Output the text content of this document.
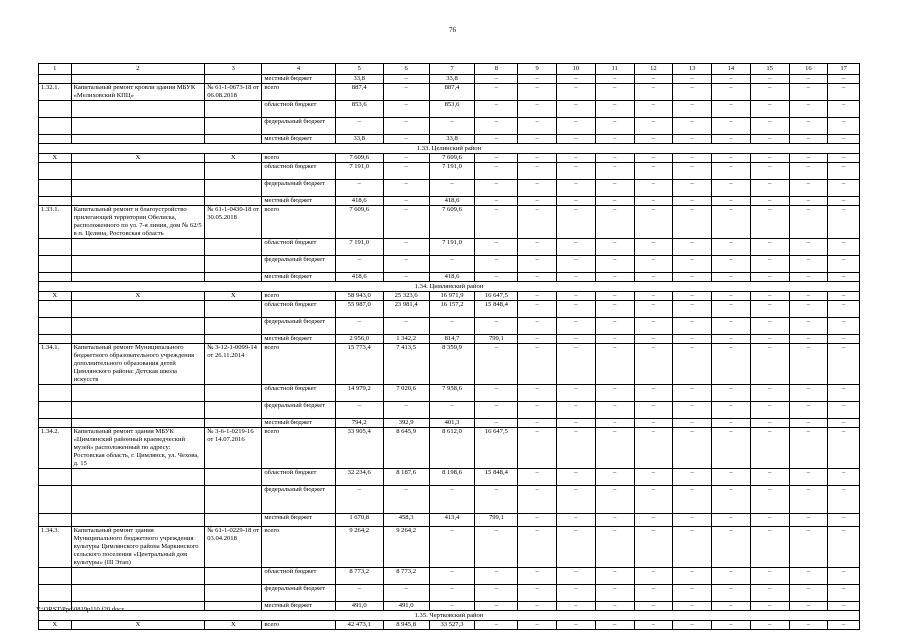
76
1	2	3	4	5	6	7	8	9	10	11	12	13	14	15	16	17
			местный бюджет	33,8	–	33,8	–	–	–	–	–	–	–	–	–	–
1.32.1.	Капитальный ремонт кровли здания МБУК «Мелиховский КПЦ»	№ 61-1-0673-18 от 06.08.2018	всего	887,4	–	887,4	–	–	–	–	–	–	–	–	–	–
			областной бюджет	853,6	–	853,6	–	–	–	–	–	–	–	–	–	–
			федеральный бюджет	–	–	–	–	–	–	–	–	–	–	–	–	–
			местный бюджет	33,8	–	33,8	–	–	–	–	–	–	–	–	–	–
1.33. Целинский район																
Х	Х	Х	всего	7 609,6	–	7 609,6	–	–	–	–	–	–	–	–	–	–
			областной бюджет	7 191,0	–	7 191,0	–	–	–	–	–	–	–	–	–	–
			федеральный бюджет	–	–	–	–	–	–	–	–	–	–	–	–	–
			местный бюджет	418,6	–	418,6	–	–	–	–	–	–	–	–	–	–
1.33.1.	Капитальный ремонт и благоустройство прилегающей территории Обелиска, расположенного по ул. 7-я линия, дом № 62/5 в п. Целина, Ростовская область	№ 61-1-0430-18 от 30.05.2018	всего	7 609,6	–	7 609,6	–	–	–	–	–	–	–	–	–	–
			областной бюджет	7 191,0	–	7 191,0	–	–	–	–	–	–	–	–	–	–
			федеральный бюджет	–	–	–	–	–	–	–	–	–	–	–	–	–
			местный бюджет	418,6	–	418,6	–	–	–	–	–	–	–	–	–	–
1.34. Цимлянский район																
Х	Х	Х	всего	58 943,0	25 323,6	16 971,9	16 647,5	–	–	–	–	–	–	–	–	–
			областной бюджет	55 987,0	23 981,4	16 157,2	15 848,4	–	–	–	–	–	–	–	–	–
			федеральный бюджет	–	–	–	–	–	–	–	–	–	–	–	–	–
			местный бюджет	2 956,0	1 342,2	814,7	799,1	–	–	–	–	–	–	–	–	–
1.34.1.	Капитальный ремонт Муниципального бюджетного образовательного учреждения дополнительного образования детей Цимлянского района: Детская школа искусств	№ 3-12-1-0099-14 от 26.11.2014	всего	15 773,4	7 413,5	8 359,9	–	–	–	–	–	–	–	–	–	–
			областной бюджет	14 979,2	7 020,6	7 958,6	–	–	–	–	–	–	–	–	–	–
			федеральный бюджет	–	–	–	–	–	–	–	–	–	–	–	–	–
			местный бюджет	794,2	392,9	401,3	–	–	–	–	–	–	–	–	–	–
1.34.2.	Капитальный ремонт здания МБУК «Цимлянский районный краеведческий музей» расположенный по адресу: Ростовская область, г. Цимлянск, ул. Чехова, д. 15	№ 3-6-1-0219-16 от 14.07.2016	всего	33 905,4	8 645,9	8 612,0	16 647,5	–	–	–	–	–	–	–	–	–
			областной бюджет	32 234,6	8 187,6	8 198,6	15 848,4	–	–	–	–	–	–	–	–	–
			федеральный бюджет	–	–	–	–	–	–	–	–	–	–	–	–	–
			местный бюджет	1 670,8	458,3	413,4	799,1	–	–	–	–	–	–	–	–	–
1.34.3.	Капитальный ремонт здания Муниципального бюджетного учреждения культуры Цимлянского района Маркинского сельского поселения «Центральный дом культуры» (III Этап)	№ 61-1-0229-18 от 03.04.2018	всего	9 264,2	9 264,2	–	–	–	–	–	–	–	–	–	–	–
			областной бюджет	8 773,2	8 773,2	–	–	–	–	–	–	–	–	–	–	–
			федеральный бюджет	–	–	–	–	–	–	–	–	–	–	–	–	–
			местный бюджет	491,0	491,0	–	–	–	–	–	–	–	–	–	–	–
1.35. Чертковский район																
Х	Х	Х	всего	42 473,1	8 945,8	33 527,3	–	–	–	–	–	–	–	–	–	–
Y:\ORST\Ppo\0819p110.f20.docx
